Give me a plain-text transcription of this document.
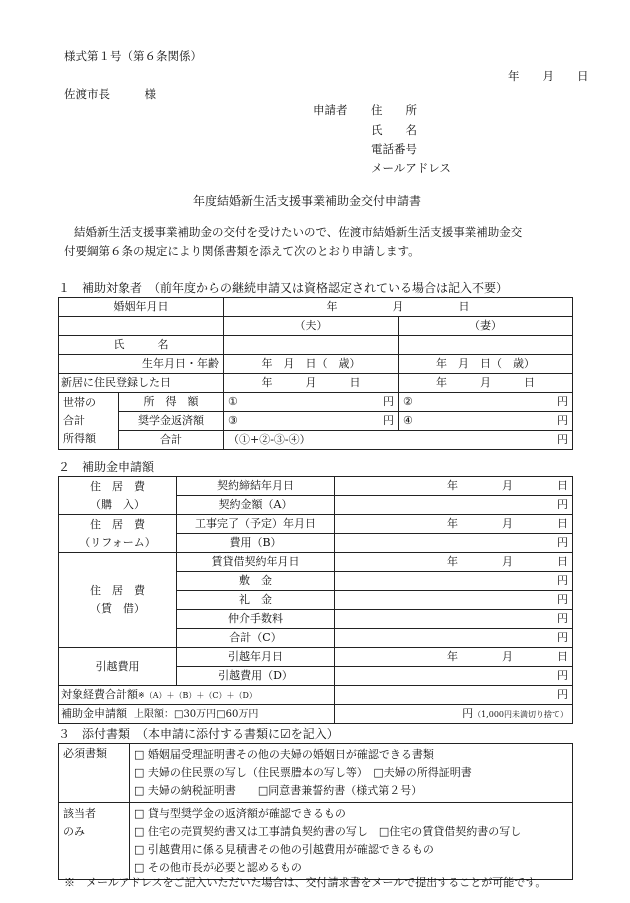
様式第１号（第６条関係）
年　　月　　日
佐渡市長　　　様
申請者 住　　所
氏　　名
電話番号
メールアドレス
年度結婚新生活支援事業補助金交付申請書
結婚新生活支援事業補助金の交付を受けたいので、佐渡市結婚新生活支援事業補助金交
付要綱第６条の規定により関係書類を添えて次のとおり申請します。
１　補助対象者　（前年度からの継続申請又は資格認定されている場合は記入不要）
婚姻年月日		年　　　　　月　　　　　日	
		（夫）	（妻）
氏　　　名			
生年月日・年齢		年　月　日（　歳）	年　月　日（　歳）
新居に住民登録した日		年　　　月　　　日	年　　　月　　　日

世帯の
合計
所得額	所　得　額	① 円	② 円

	奨学金返済額	③ 円	④ 円

	合計	（①+②-③-④） 円	
２　補助金申請額
住　居　費
（購　入）	契約締結年月日	年　　　　月　　　　日
	契約金額（A）	円

住　居　費
（リフォーム）	工事完了（予定）年月日	年　　　　月　　　　日
	費用（B）	円

住　居　費
（賃　借）	賃貸借契約年月日	年　　　　月　　　　日
	敷　金	円
	礼　金	円
	仲介手数料	円
	合計（C）	円
引越費用	引越年月日	年　　　　月　　　　日
	引越費用（D）	円
対象経費合計額※（A）＋（B）＋（C）＋（D）		円
補助金申請額 上限額：□30万円□60万円		円（1,000円未満切り捨て）
３　添付書類　（本申請に添付する書類に☑を記入）
必須書類	□ 婚姻届受理証明書その他の夫婦の婚姻日が確認できる書類
□ 夫婦の住民票の写し（住民票謄本の写し等）　□夫婦の所得証明書
□ 夫婦の納税証明書　　□同意書兼誓約書（様式第２号）

該当者
のみ	□ 貸与型奨学金の返済額が確認できるもの
□ 住宅の売買契約書又は工事請負契約書の写し　□住宅の賃貸借契約書の写し
□ 引越費用に係る見積書その他の引越費用が確認できるもの
□ その他市長が必要と認めるもの
※　メールアドレスをご記入いただいた場合は、交付請求書をメールで提出することが可能です。
